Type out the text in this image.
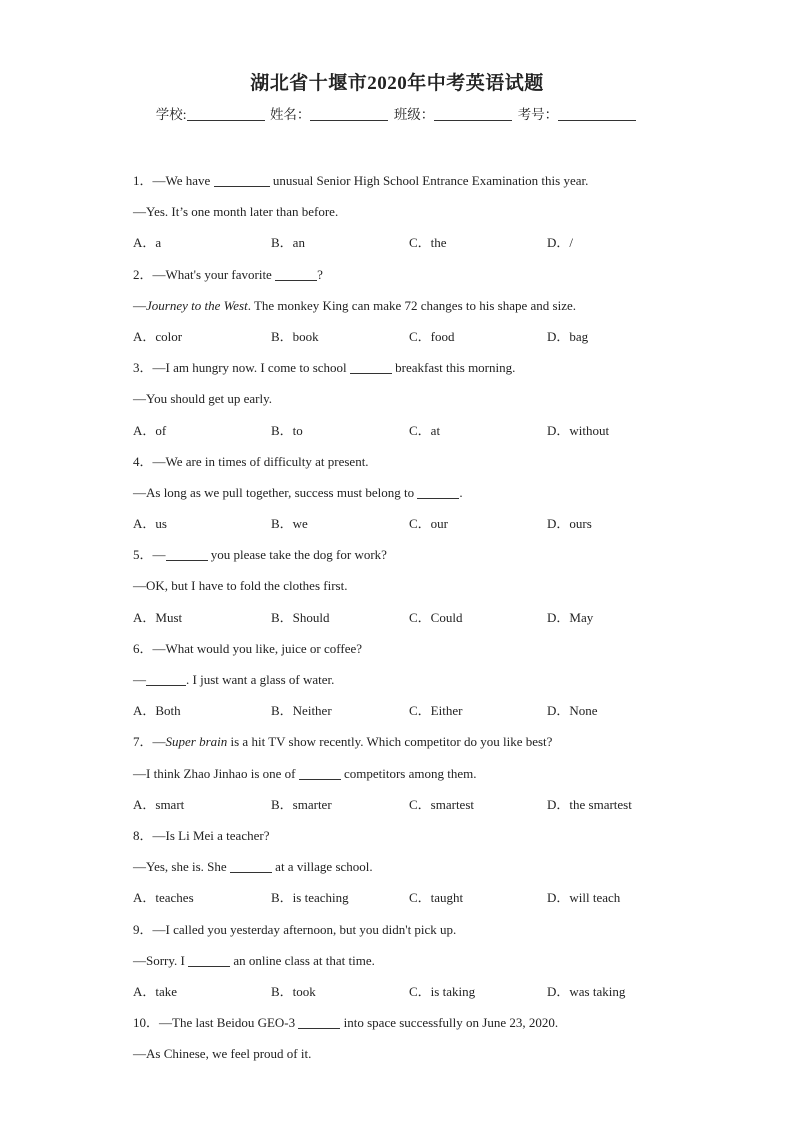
湖北省十堰市2020年中考英语试题
学校:	姓名：	班级：	考号：
1．—We have	unusual Senior High School Entrance Examination this year.
—Yes. It’s one month later than before.
A．a	B．an	C．the	D．/
2．—What's your favorite	?
—Journey to the West. The monkey King can make 72 changes to his shape and size.
A．color	B．book	C．food	D．bag
3．—I am hungry now. I come to school	breakfast this morning.
—You should get up early.
A．of	B．to	C．at	D．without
4．—We are in times of difficulty at present.
—As long as we pull together, success must belong to	.
A．us	B．we	C．our	D．ours
5．—	you please take the dog for work?
—OK, but I have to fold the clothes first.
A．Must	B．Should	C．Could	D．May
6．—What would you like, juice or coffee?
—	. I just want a glass of water.
A．Both	B．Neither	C．Either	D．None
7．—Super brain is a hit TV show recently. Which competitor do you like best?
—I think Zhao Jinhao is one of	competitors among them.
A．smart	B．smarter	C．smartest	D．the smartest
8．—Is Li Mei a teacher?
—Yes, she is. She	at a village school.
A．teaches	B．is teaching	C．taught	D．will teach
9．—I called you yesterday afternoon, but you didn't pick up.
—Sorry. I	an online class at that time.
A．take	B．took	C．is taking	D．was taking
10．—The last Beidou GEO-3	into space successfully on June 23, 2020.
—As Chinese, we feel proud of it.
